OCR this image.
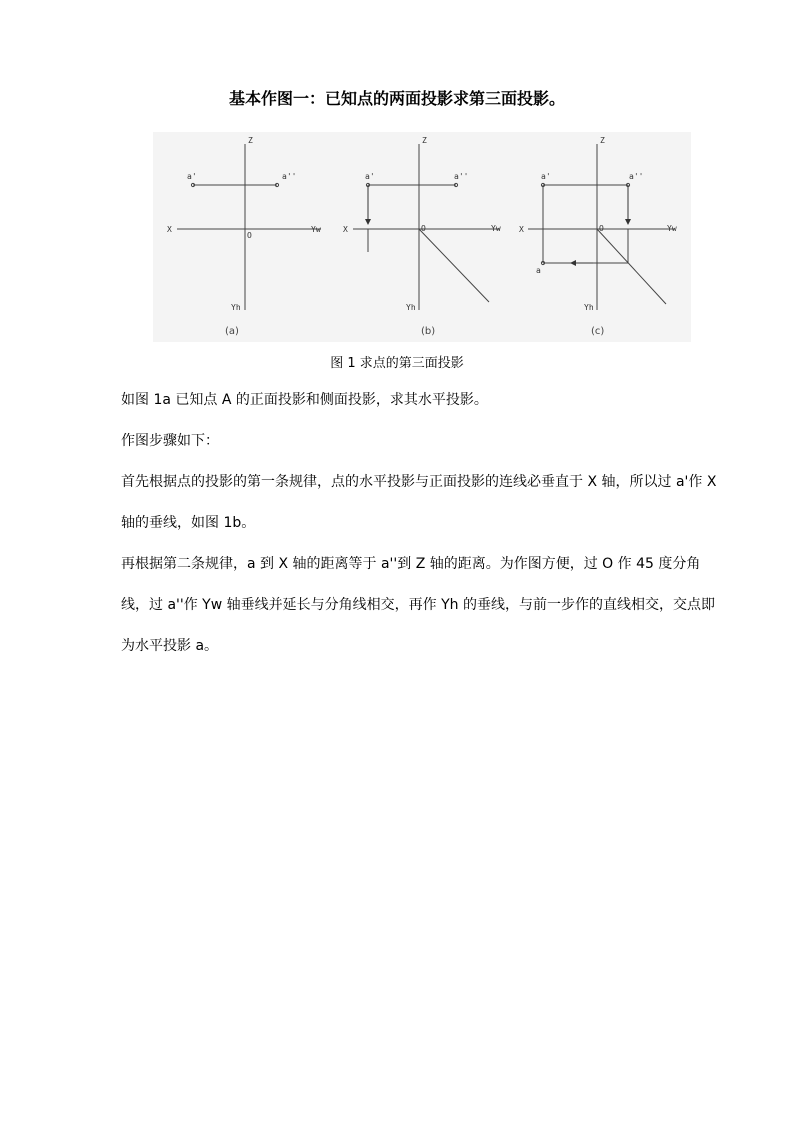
基本作图一：已知点的两面投影求第三面投影。
Z
a'	a''
X
O
Yw
Yh
(a)
Z
a'	a''
X	O	Yw
Yh
(b)
Z
a'	a''
X	O	Yw
a
Yh
(c)
图 1 求点的第三面投影

如图 1a 已知点 A 的正面投影和侧面投影，求其水平投影。

作图步骤如下：

首先根据点的投影的第一条规律，点的水平投影与正面投影的连线必垂直于 X 轴，所以过 a'作 X 轴的垂线，如图 1b。

再根据第二条规律，a 到 X 轴的距离等于 a''到 Z 轴的距离。为作图方便，过 O 作 45 度分角线，过 a''作 Yw 轴垂线并延长与分角线相交，再作 Yh 的垂线，与前一步作的直线相交，交点即为水平投影 a。
